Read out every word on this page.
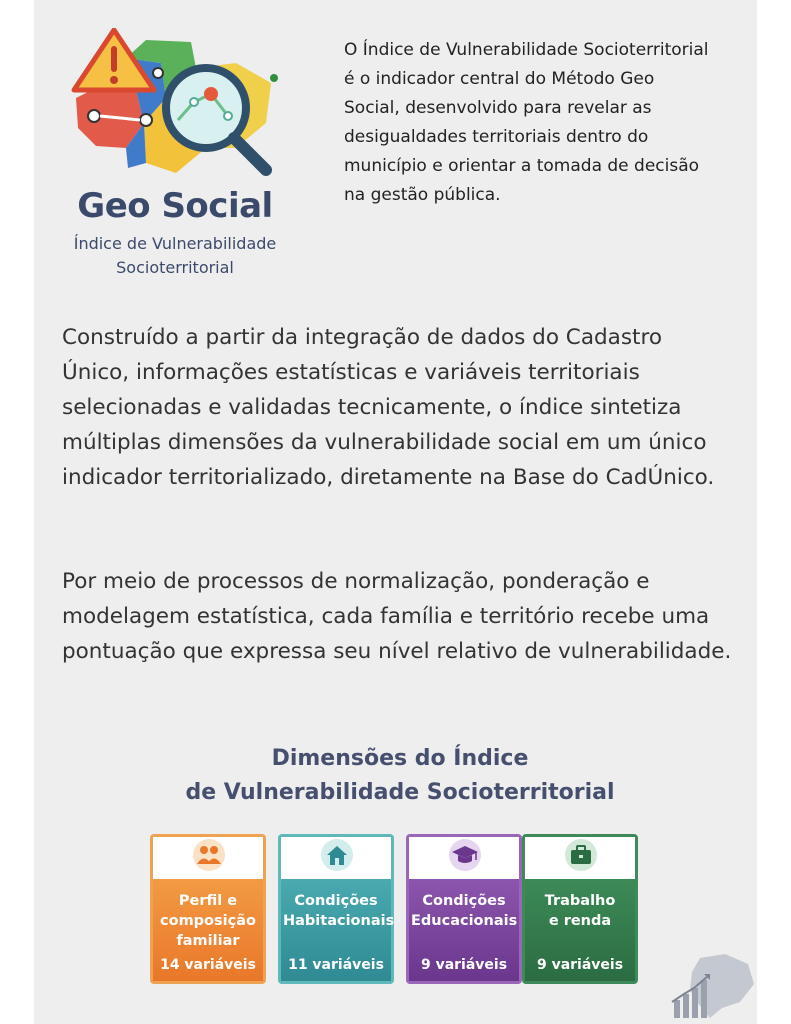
Geo Social
Índice de Vulnerabilidade
Socioterritorial
O Índice de Vulnerabilidade Socioterritorial é o indicador central do Método Geo Social, desenvolvido para revelar as desigualdades territoriais dentro do município e orientar a tomada de decisão na gestão pública.
Construído a partir da integração de dados do Cadastro Único, informações estatísticas e variáveis territoriais selecionadas e validadas tecnicamente, o índice sintetiza múltiplas dimensões da vulnerabilidade social em um único indicador territorializado, diretamente na Base do CadÚnico.
Por meio de processos de normalização, ponderação e modelagem estatística, cada família e território recebe uma pontuação que expressa seu nível relativo de vulnerabilidade.
Dimensões do Índice
de Vulnerabilidade Socioterritorial
Perfil e
composição
familiar
14 variáveis
Condições
Habitacionais
11 variáveis
Condições
Educacionais
9 variáveis
Trabalho
e renda
9 variáveis
